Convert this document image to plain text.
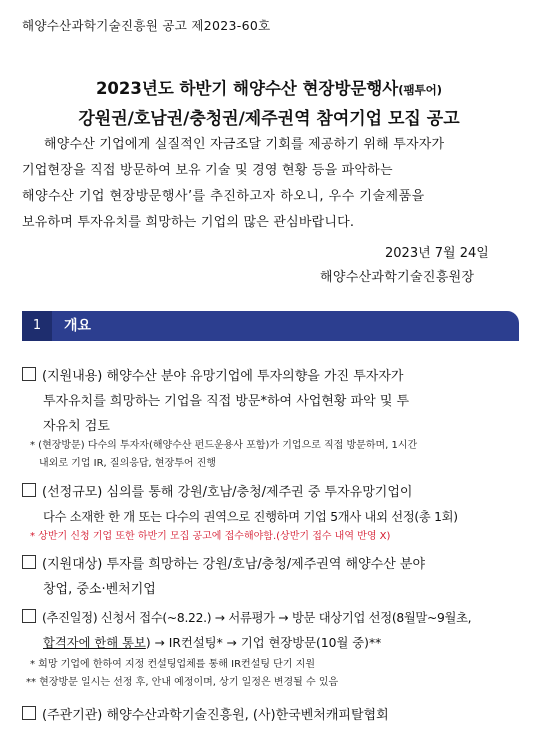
해양수산과학기술진흥원 공고 제2023-60호
2023년도 하반기 해양수산 현장방문행사(팸투어)
강원권/호남권/충청권/제주권역 참여기업 모집 공고
해양수산 기업에게 실질적인 자금조달 기회를 제공하기 위해 투자자가
기업현장을 직접 방문하여 보유 기술 및 경영 현황 등을 파악하는
해양수산 기업 현장방문행사’를 추진하고자 하오니, 우수 기술제품을
보유하며 투자유치를 희망하는 기업의 많은 관심바랍니다.
2023년 7월 24일
해양수산과학기술진흥원장
1	개요
(지원내용) 해양수산 분야 유망기업에 투자의향을 가진 투자자가
투자유치를 희망하는 기업을 직접 방문*하여 사업현황 파악 및 투
자유치 검토
* (현장방문) 다수의 투자자(해양수산 펀드운용사 포함)가 기업으로 직접 방문하며, 1시간
내외로 기업 IR, 질의응답, 현장투어 진행
(선정규모) 심의를 통해 강원/호남/충청/제주권 중 투자유망기업이
다수 소재한 한 개 또는 다수의 권역으로 진행하며 기업 5개사 내외 선정(총 1회)
* 상반기 신청 기업 또한 하반기 모집 공고에 접수해야함.(상반기 접수 내역 반영 X)
(지원대상) 투자를 희망하는 강원/호남/충청/제주권역 해양수산 분야
창업, 중소·벤처기업
(추진일정) 신청서 접수(~8.22.) → 서류평가 → 방문 대상기업 선정(8월말~9월초,
합격자에 한해 통보) → IR컨설팅* → 기업 현장방문(10월 중)**
* 희망 기업에 한하여 지정 컨설팅업체를 통해 IR컨설팅 단기 지원
** 현장방문 일시는 선정 후, 안내 예정이며, 상기 일정은 변경될 수 있음
(주관기관) 해양수산과학기술진흥원, (사)한국벤처캐피탈협회
